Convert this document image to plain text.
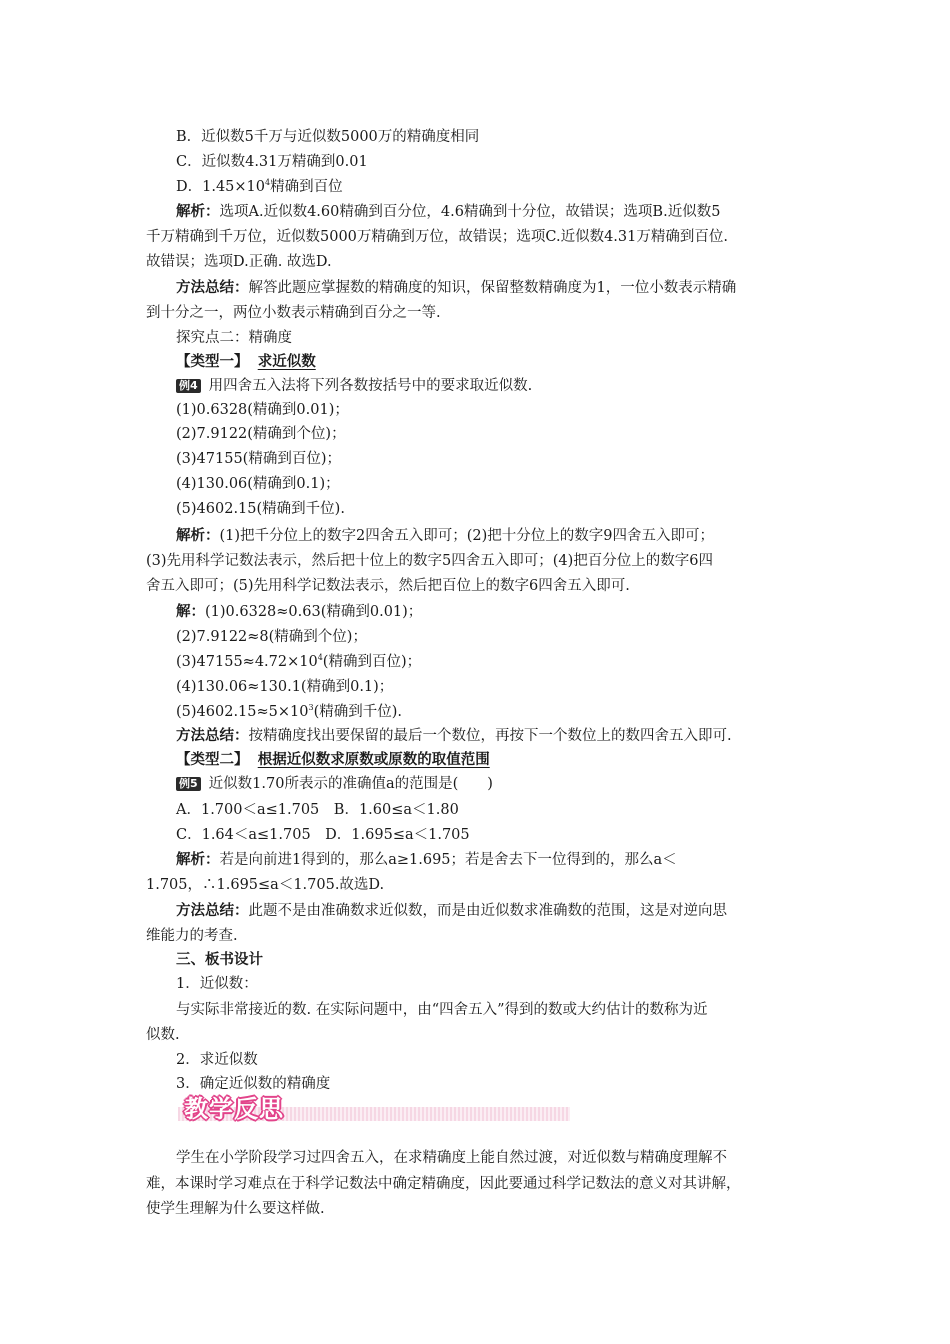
B．近似数5千万与近似数5000万的精确度相同
C．近似数4.31万精确到0.01
D．$1.45\times 10^4$精确到百位
解析：选项A.近似数4.60精确到百分位，4.6精确到十分位，故错误；选项B.近似数5
千万精确到千万位，近似数5000万精确到万位，故错误；选项C.近似数4.31万精确到百位.
故错误；选项D.正确. 故选D.
方法总结：解答此题应掌握数的精确度的知识，保留整数精确度为1，一位小数表示精确
到十分之一，两位小数表示精确到百分之一等.
探究点二：精确度
【类型一】 求近似数
例4 用四舍五入法将下列各数按括号中的要求取近似数.
(1)0.6328(精确到0.01)；
(2)7.9122(精确到个位)；
(3)47155(精确到百位)；
(4)130.06(精确到0.1)；
(5)4602.15(精确到千位).
解析：(1)把千分位上的数字2四舍五入即可；(2)把十分位上的数字9四舍五入即可；
(3)先用科学记数法表示，然后把十位上的数字5四舍五入即可；(4)把百分位上的数字6四
舍五入即可；(5)先用科学记数法表示，然后把百位上的数字6四舍五入即可.
解：(1)0.6328≈0.63(精确到0.01)；
(2)7.9122≈8(精确到个位)；
$(3)47155\approx 4.72\times 10^4$(精确到百位)；
(4)130.06≈130.1(精确到0.1)；
$(5)4602.15\approx 5\times 10^3$(精确到千位).
方法总结：按精确度找出要保留的最后一个数位，再按下一个数位上的数四舍五入即可.
【类型二】 根据近似数求原数或原数的取值范围
例5 近似数1.70所表示的准确值a的范围是(　　)
A．1.700＜a≤1.705　B．1.60≤a＜1.80
C．1.64＜a≤1.705　D．1.695≤a＜1.705
解析：若是向前进1得到的，那么a≥1.695；若是舍去下一位得到的，那么a＜
1.705，∴1.695≤a＜1.705.故选D.
方法总结：此题不是由准确数求近似数，而是由近似数求准确数的范围，这是对逆向思
维能力的考查.
三、板书设计
1．近似数：
与实际非常接近的数. 在实际问题中，由“四舍五入”得到的数或大约估计的数称为近
似数.
2．求近似数
3．确定近似数的精确度
教学反思
学生在小学阶段学习过四舍五入，在求精确度上能自然过渡，对近似数与精确度理解不
难，本课时学习难点在于科学记数法中确定精确度，因此要通过科学记数法的意义对其讲解，
使学生理解为什么要这样做.
